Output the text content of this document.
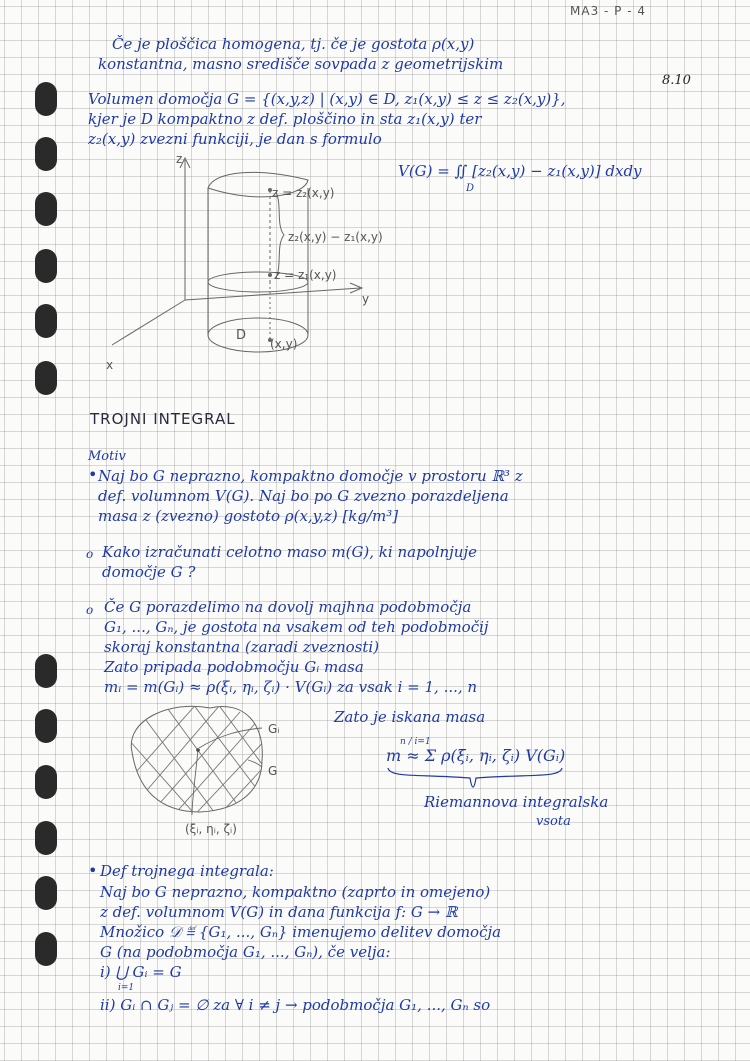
MA3 - P - 4
Če je ploščica homogena, tj. če je gostota ρ(x,y)
konstantna, masno središče sovpada z geometrijskim
8.10
Volumen domočja G = {(x,y,z) | (x,y) ∈ D, z₁(x,y) ≤ z ≤ z₂(x,y)},
kjer je D kompaktno z def. ploščino in sta z₁(x,y) ter
z₂(x,y) zvezni funkciji, je dan s formulo
V(G) = ∬ [z₂(x,y) − z₁(x,y)] dxdy
D
z
y
x
z = z₂(x,y)
z₂(x,y) − z₁(x,y)
z = z₁(x,y)
D
(x,y)
TROJNI INTEGRAL
Motiv
• Naj bo G neprazno, kompaktno domočje v prostoru ℝ³ z
def. volumnom V(G). Naj bo po G zvezno porazdeljena
masa z (zvezno) gostoto ρ(x,y,z) [kg/m³]
o Kako izračunati celotno maso m(G), ki napolnjuje
domočje G ?
o Če G porazdelimo na dovolj majhna podobmočja
G₁, ..., Gₙ, je gostota na vsakem od teh podobmočij
skoraj konstantna (zaradi zveznosti)
Zato pripada podobmočju Gᵢ masa
mᵢ = m(Gᵢ) ≈ ρ(ξᵢ, ηᵢ, ζᵢ) · V(Gᵢ) za vsak i = 1, ..., n
Zato je iskana masa
m ≈ Σ ρ(ξᵢ, ηᵢ, ζᵢ) V(Gᵢ)
n / i=1
Riemannova integralska
vsota
Gᵢ
G
(ξᵢ, ηᵢ, ζᵢ)
• Def trojnega integrala:
Naj bo G neprazno, kompaktno (zaprto in omejeno)
z def. volumnom V(G) in dana funkcija f: G → ℝ
Množico 𝒟 ≝ {G₁, ..., Gₙ} imenujemo delitev domočja
G (na podobmočja G₁, ..., Gₙ), če velja:
i) ⋃ Gᵢ = G
i=1
ii) Gᵢ ∩ Gⱼ = ∅ za ∀ i ≠ j → podobmočja G₁, ..., Gₙ so
